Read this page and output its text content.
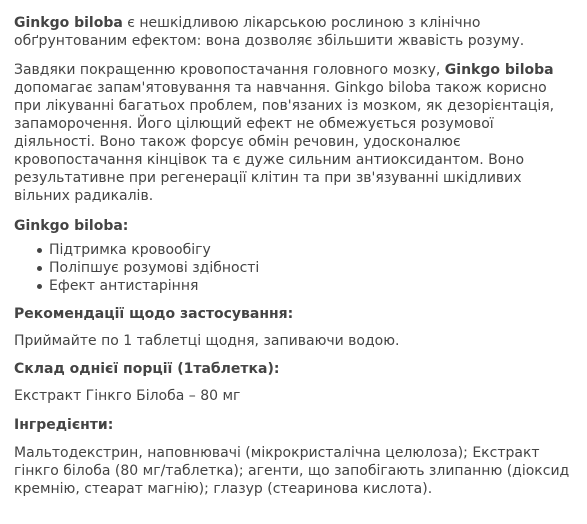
Ginkgo biloba є нешкідливою лікарською рослиною з клінічно обґрунтованим ефектом: вона дозволяє збільшити жвавість розуму.

Завдяки покращенню кровопостачання головного мозку, Ginkgo biloba допомагає запам'ятовування та навчання. Ginkgo biloba також корисно при лікуванні багатьох проблем, пов'язаних із мозком, як дезорієнтація, запаморочення. Його цілющий ефект не обмежується розумової діяльності. Воно також форсує обмін речовин, удосконалює кровопостачання кінцівок та є дуже сильним антиоксидантом. Воно результативне при регенерації клітин та при зв'язуванні шкідливих вільних радикалів.

Ginkgo biloba:

Підтримка кровообігу
Поліпшує розумові здібності
Ефект антистаріння

Рекомендації щодо застосування:

Приймайте по 1 таблетці щодня, запиваючи водою.

Склад однієї порції (1таблетка):

Екстракт Гінкго Білоба – 80 мг

Інгредієнти:

Мальтодекстрин, наповнювачі (мікрокристалічна целюлоза); Екстракт гінкго білоба (80 мг/таблетка); агенти, що запобігають злипанню (діоксид кремнію, стеарат магнію); глазур (стеаринова кислота).
